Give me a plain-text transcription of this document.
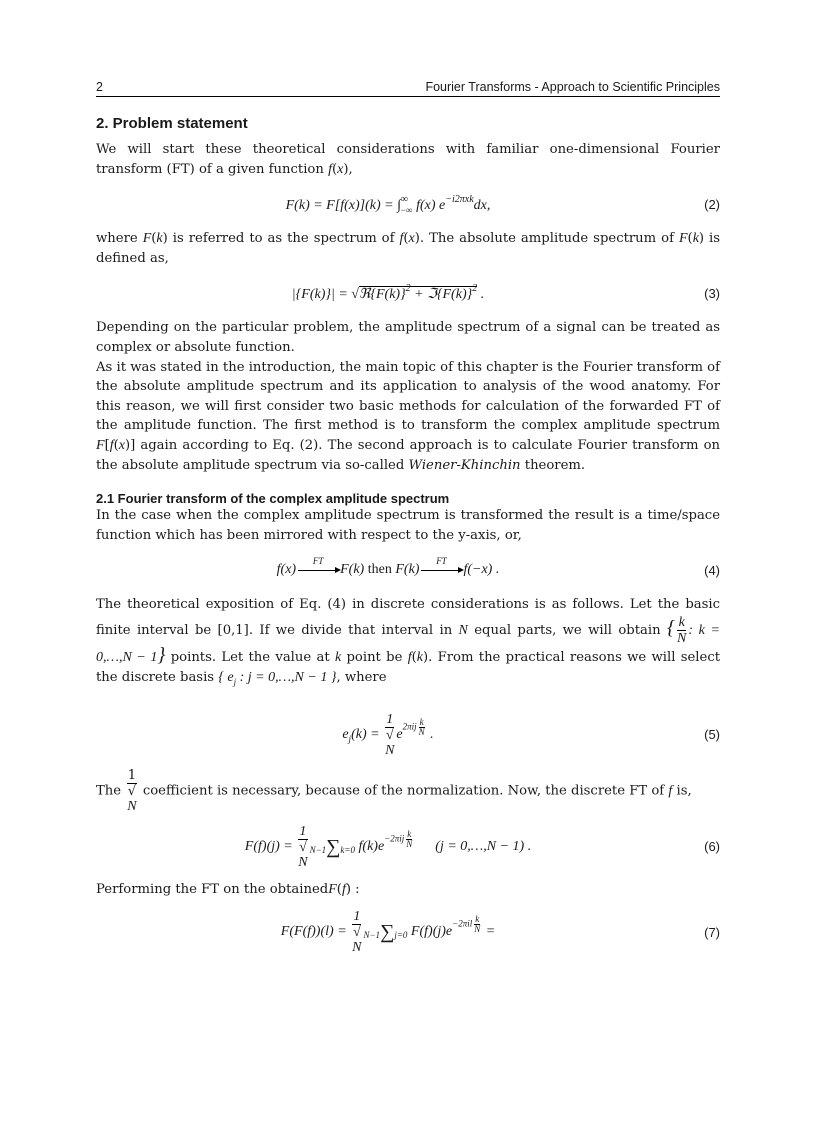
2	Fourier Transforms - Approach to Scientific Principles
2. Problem statement

We will start these theoretical considerations with familiar one-dimensional Fourier transform (FT) of a given function f(x),

$F(k) = F[f(x)](k) = \int^\infty_{-\infty}$ f(x) $e^{-i2\pi xk}dx$,	(2)

where F(k) is referred to as the spectrum of f(x). The absolute amplitude spectrum of F(k) is defined as,

$|\{F(k)\}| = √ℜ\{F(k)\}^2$ + $ℑ\{F(k)\}^2$ .	(3)

Depending on the particular problem, the amplitude spectrum of a signal can be treated as complex or absolute function.

As it was stated in the introduction, the main topic of this chapter is the Fourier transform of the absolute amplitude spectrum and its application to analysis of the wood anatomy. For this reason, we will first consider two basic methods for calculation of the forwarded FT of the amplitude function. The first method is to transform the complex amplitude spectrum F[f(x)] again according to Eq. (2). The second approach is to calculate Fourier transform on the absolute amplitude spectrum via so-called Wiener-Khinchin theorem.

2.1 Fourier transform of the complex amplitude spectrum

In the case when the complex amplitude spectrum is transformed the result is a time/space function which has been mirrored with respect to the y-axis, or,

f(x)
FT
F(k) then F(k)
FT
f(−x) .	(4)

The theoretical exposition of Eq. (4) in discrete considerations is as follows. Let the basic finite interval be [0,1]. If we divide that interval in N equal parts, we will obtain { $\frac{k}{N}$ : k = 0,…,N − 1} points. Let the value at k point be f(k). From the practical reasons we will select the discrete basis { $e_j$ : j = 0,…,N − 1 }, where

$e_j(k) = 1$
√
N $e2\pi ij \frac{k}{N}$ .	(5)

The 1
√
N coefficient is necessary, because of the normalization. Now, the discrete FT of f is,

F(f)(j) = 1
√
N N−1∑k=0 $f(k)e-2\pi ij \frac{k}{N} (j$ = 0,…,N − 1) .	(6)

Performing the FT on the obtainedF(f) :

F(F(f))(l) = 1
√
N N−1∑j=0 $F(f)(j)e-2\pi il \frac{k}{N}$ =	(7)
